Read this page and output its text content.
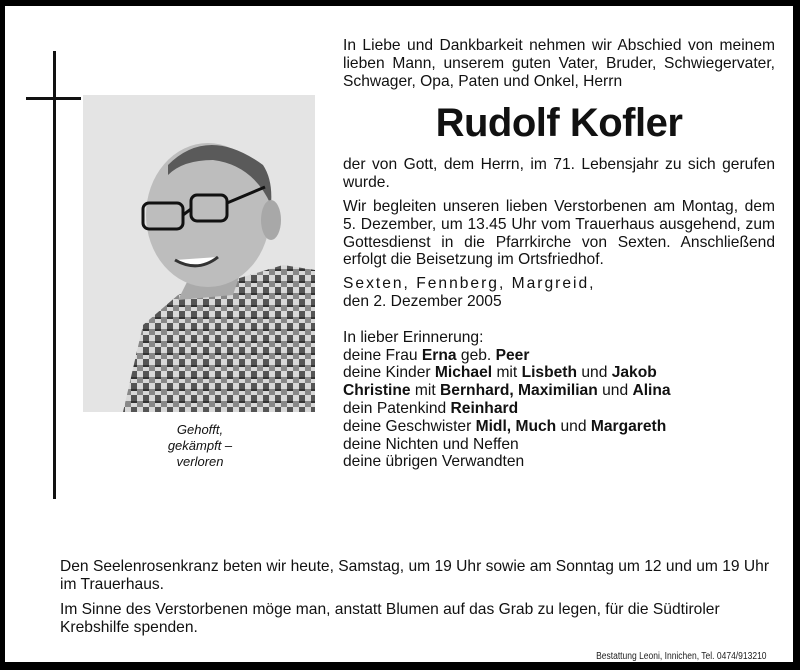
Gehofft,
gekämpft –
verloren

In Liebe und Dankbarkeit nehmen wir Abschied von meinem lieben Mann, unserem guten Vater, Bruder, Schwiegervater, Schwager, Opa, Paten und Onkel, Herrn

Rudolf Kofler

der von Gott, dem Herrn, im 71. Lebensjahr zu sich gerufen wurde.

Wir begleiten unseren lieben Verstorbenen am Montag, dem 5. Dezember, um 13.45 Uhr vom Trauerhaus ausgehend, zum Gottesdienst in die Pfarrkirche von Sexten. Anschließend erfolgt die Beisetzung im Ortsfriedhof.

Sexten, Fennberg, Margreid,

den 2. Dezember 2005

In lieber Erinnerung:
deine Frau Erna geb. Peer
deine Kinder Michael mit Lisbeth und Jakob
Christine mit Bernhard, Maximilian und Alina
dein Patenkind Reinhard
deine Geschwister Midl, Much und Margareth
deine Nichten und Neffen
deine übrigen Verwandten

Den Seelenrosenkranz beten wir heute, Samstag, um 19 Uhr sowie am Sonntag um 12 und um 19 Uhr im Trauerhaus.

Im Sinne des Verstorbenen möge man, anstatt Blumen auf das Grab zu legen, für die Südtiroler Krebshilfe spenden.

Bestattung Leoni, Innichen, Tel. 0474/913210
